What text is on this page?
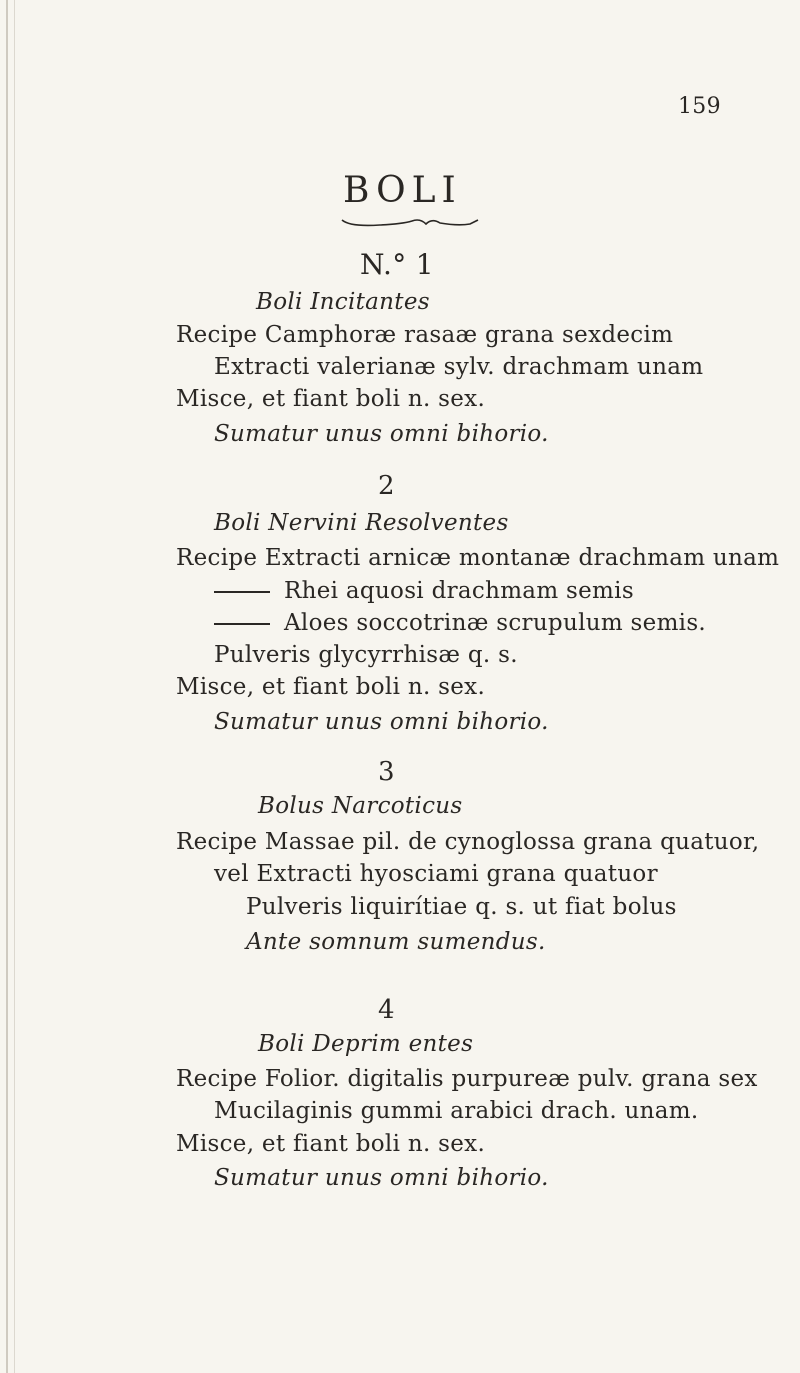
159
BOLI
N.° 1
Boli Incitantes
Recipe Camphoræ rasaæ grana sexdecim
Extracti valerianæ sylv. drachmam unam
Misce, et fiant boli n. sex.
Sumatur unus omni bihorio.
2
Boli Nervini Resolventes
Recipe Extracti arnicæ montanæ drachmam unam
Rhei aquosi drachmam semis
Aloes soccotrinæ scrupulum semis.
Pulveris glycyrrhisæ q. s.
Misce, et fiant boli n. sex.
Sumatur unus omni bihorio.
3
Bolus Narcoticus
Recipe Massae pil. de cynoglossa grana quatuor,
vel Extracti hyosciami grana quatuor
Pulveris liquirítiae q. s. ut fiat bolus
Ante somnum sumendus.
4
Boli Deprim entes
Recipe Folior. digitalis purpureæ pulv. grana sex
Mucilaginis gummi arabici drach. unam.
Misce, et fiant boli n. sex.
Sumatur unus omni bihorio.
